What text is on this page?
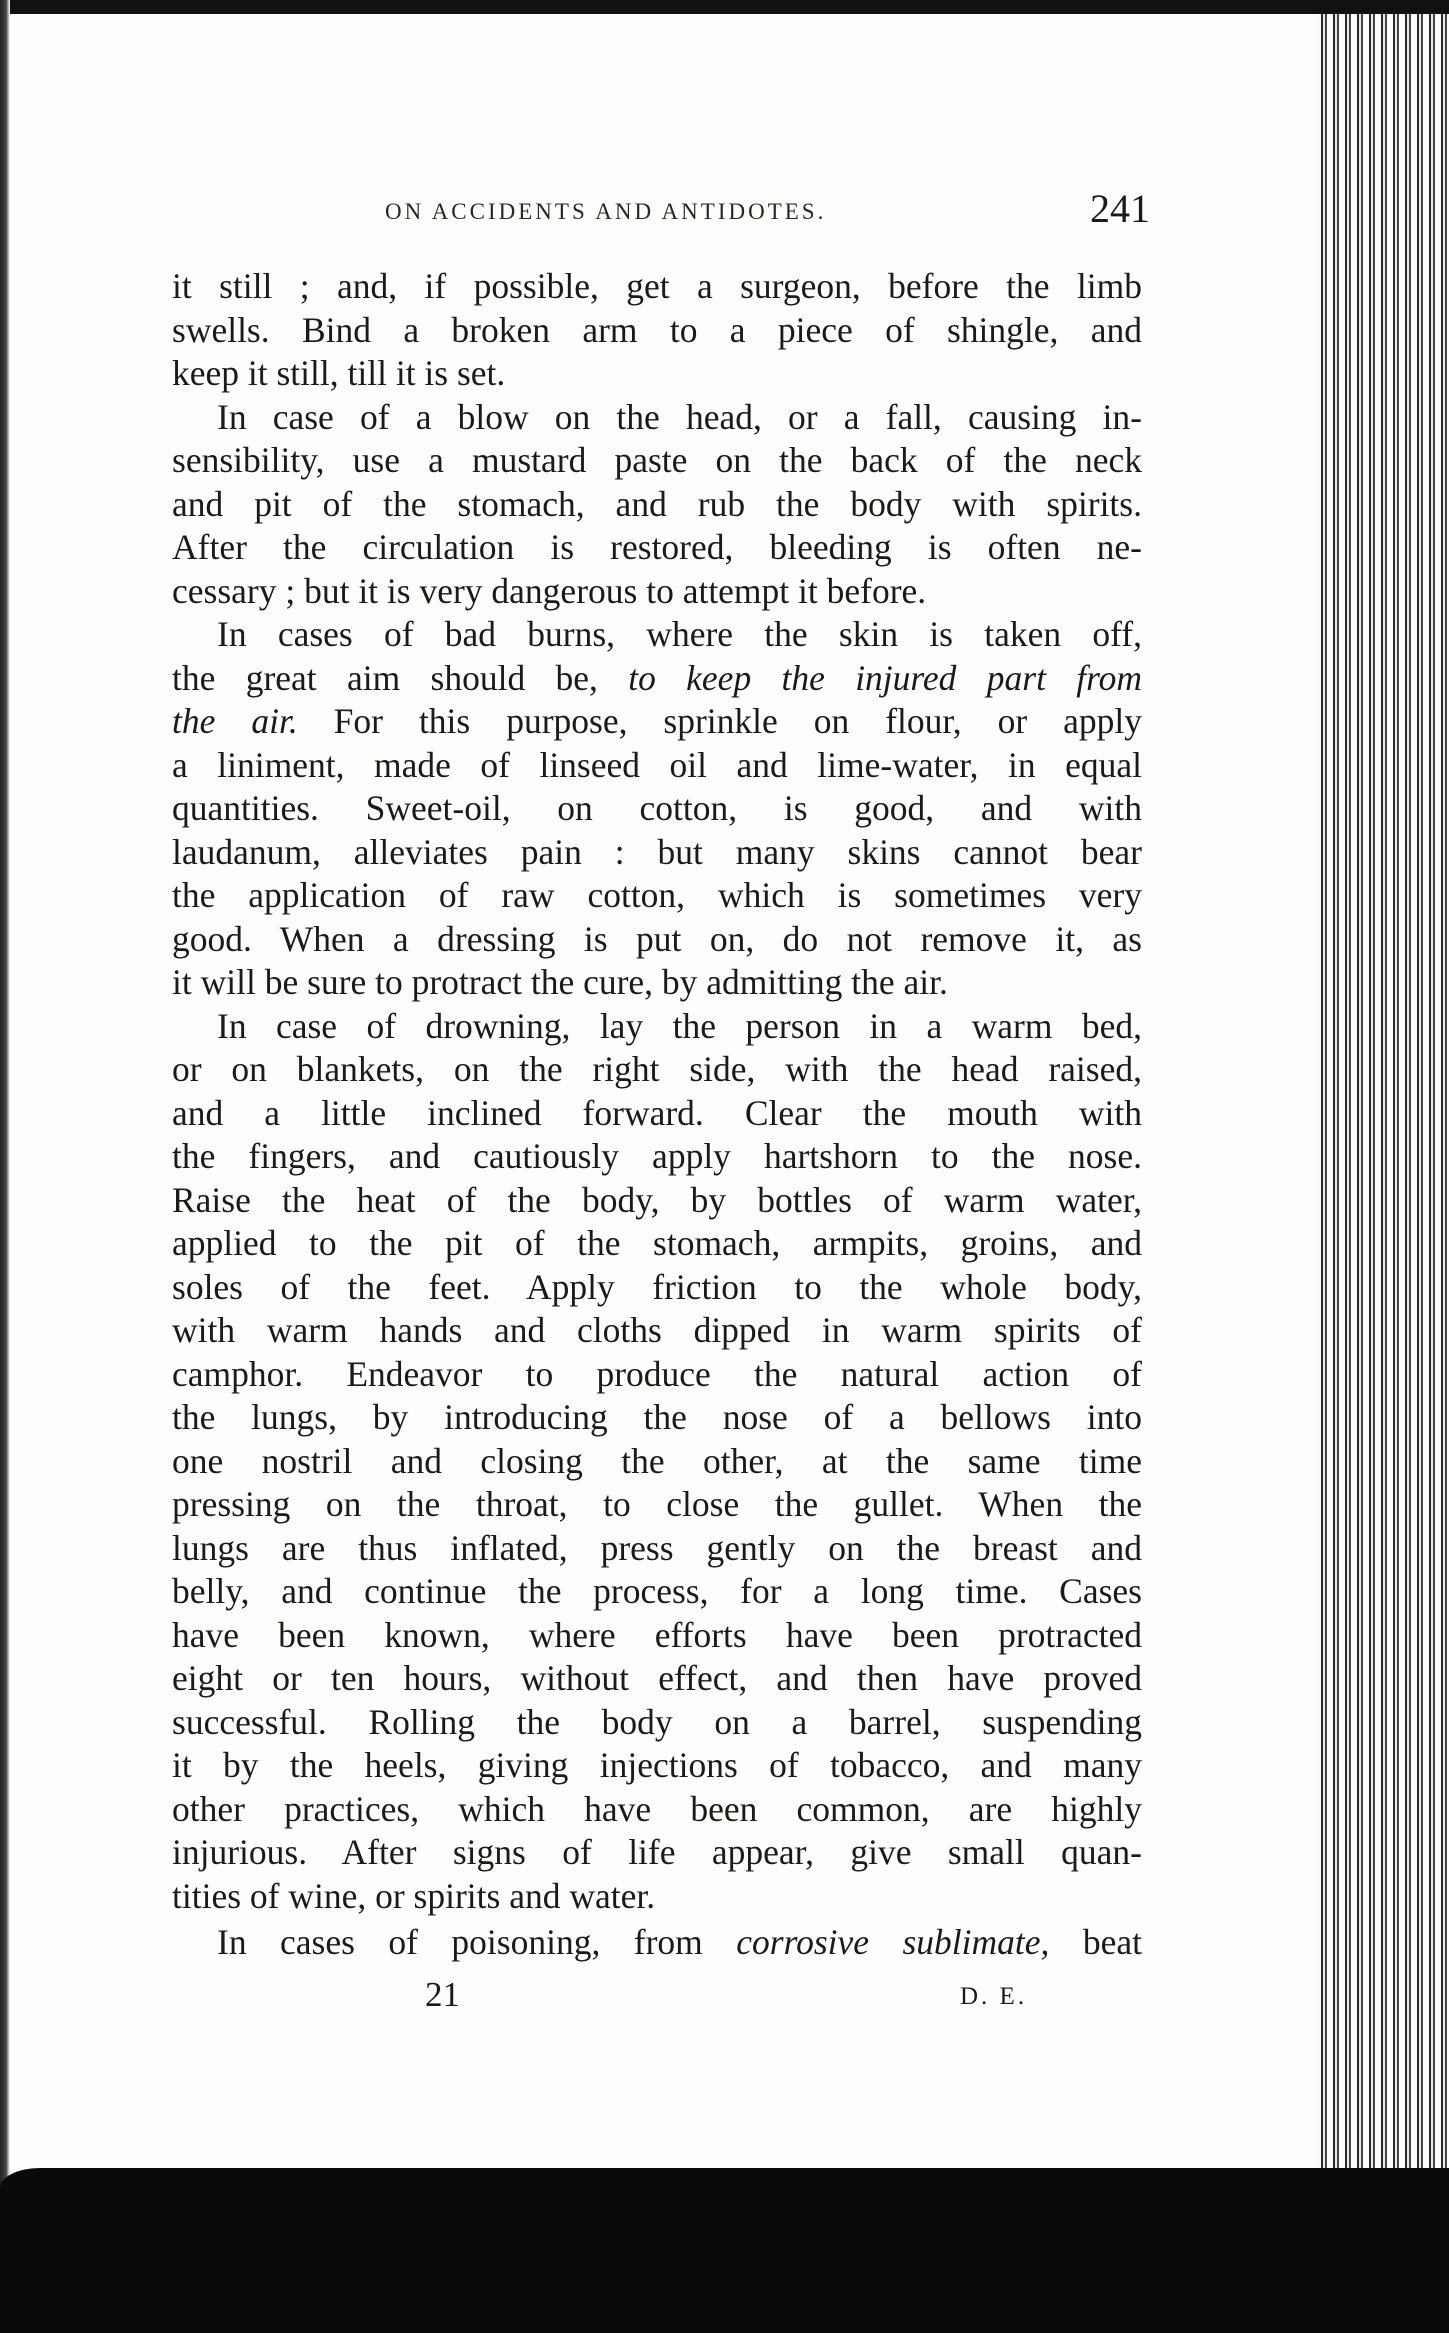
ON ACCIDENTS AND ANTIDOTES.	241
it still ; and, if possible, get a surgeon, before the limb
swells. Bind a broken arm to a piece of shingle, and
keep it still, till it is set.
In case of a blow on the head, or a fall, causing in-
sensibility, use a mustard paste on the back of the neck
and pit of the stomach, and rub the body with spirits.
After the circulation is restored, bleeding is often ne-
cessary ; but it is very dangerous to attempt it before.
In cases of bad burns, where the skin is taken off,
the great aim should be, to keep the injured part from
the air. For this purpose, sprinkle on flour, or apply
a liniment, made of linseed oil and lime-water, in equal
quantities. Sweet-oil, on cotton, is good, and with
laudanum, alleviates pain : but many skins cannot bear
the application of raw cotton, which is sometimes very
good. When a dressing is put on, do not remove it, as
it will be sure to protract the cure, by admitting the air.
In case of drowning, lay the person in a warm bed,
or on blankets, on the right side, with the head raised,
and a little inclined forward. Clear the mouth with
the fingers, and cautiously apply hartshorn to the nose.
Raise the heat of the body, by bottles of warm water,
applied to the pit of the stomach, armpits, groins, and
soles of the feet. Apply friction to the whole body,
with warm hands and cloths dipped in warm spirits of
camphor. Endeavor to produce the natural action of
the lungs, by introducing the nose of a bellows into
one nostril and closing the other, at the same time
pressing on the throat, to close the gullet. When the
lungs are thus inflated, press gently on the breast and
belly, and continue the process, for a long time. Cases
have been known, where efforts have been protracted
eight or ten hours, without effect, and then have proved
successful. Rolling the body on a barrel, suspending
it by the heels, giving injections of tobacco, and many
other practices, which have been common, are highly
injurious. After signs of life appear, give small quan-
tities of wine, or spirits and water.
In cases of poisoning, from corrosive sublimate, beat
21	D. E.
